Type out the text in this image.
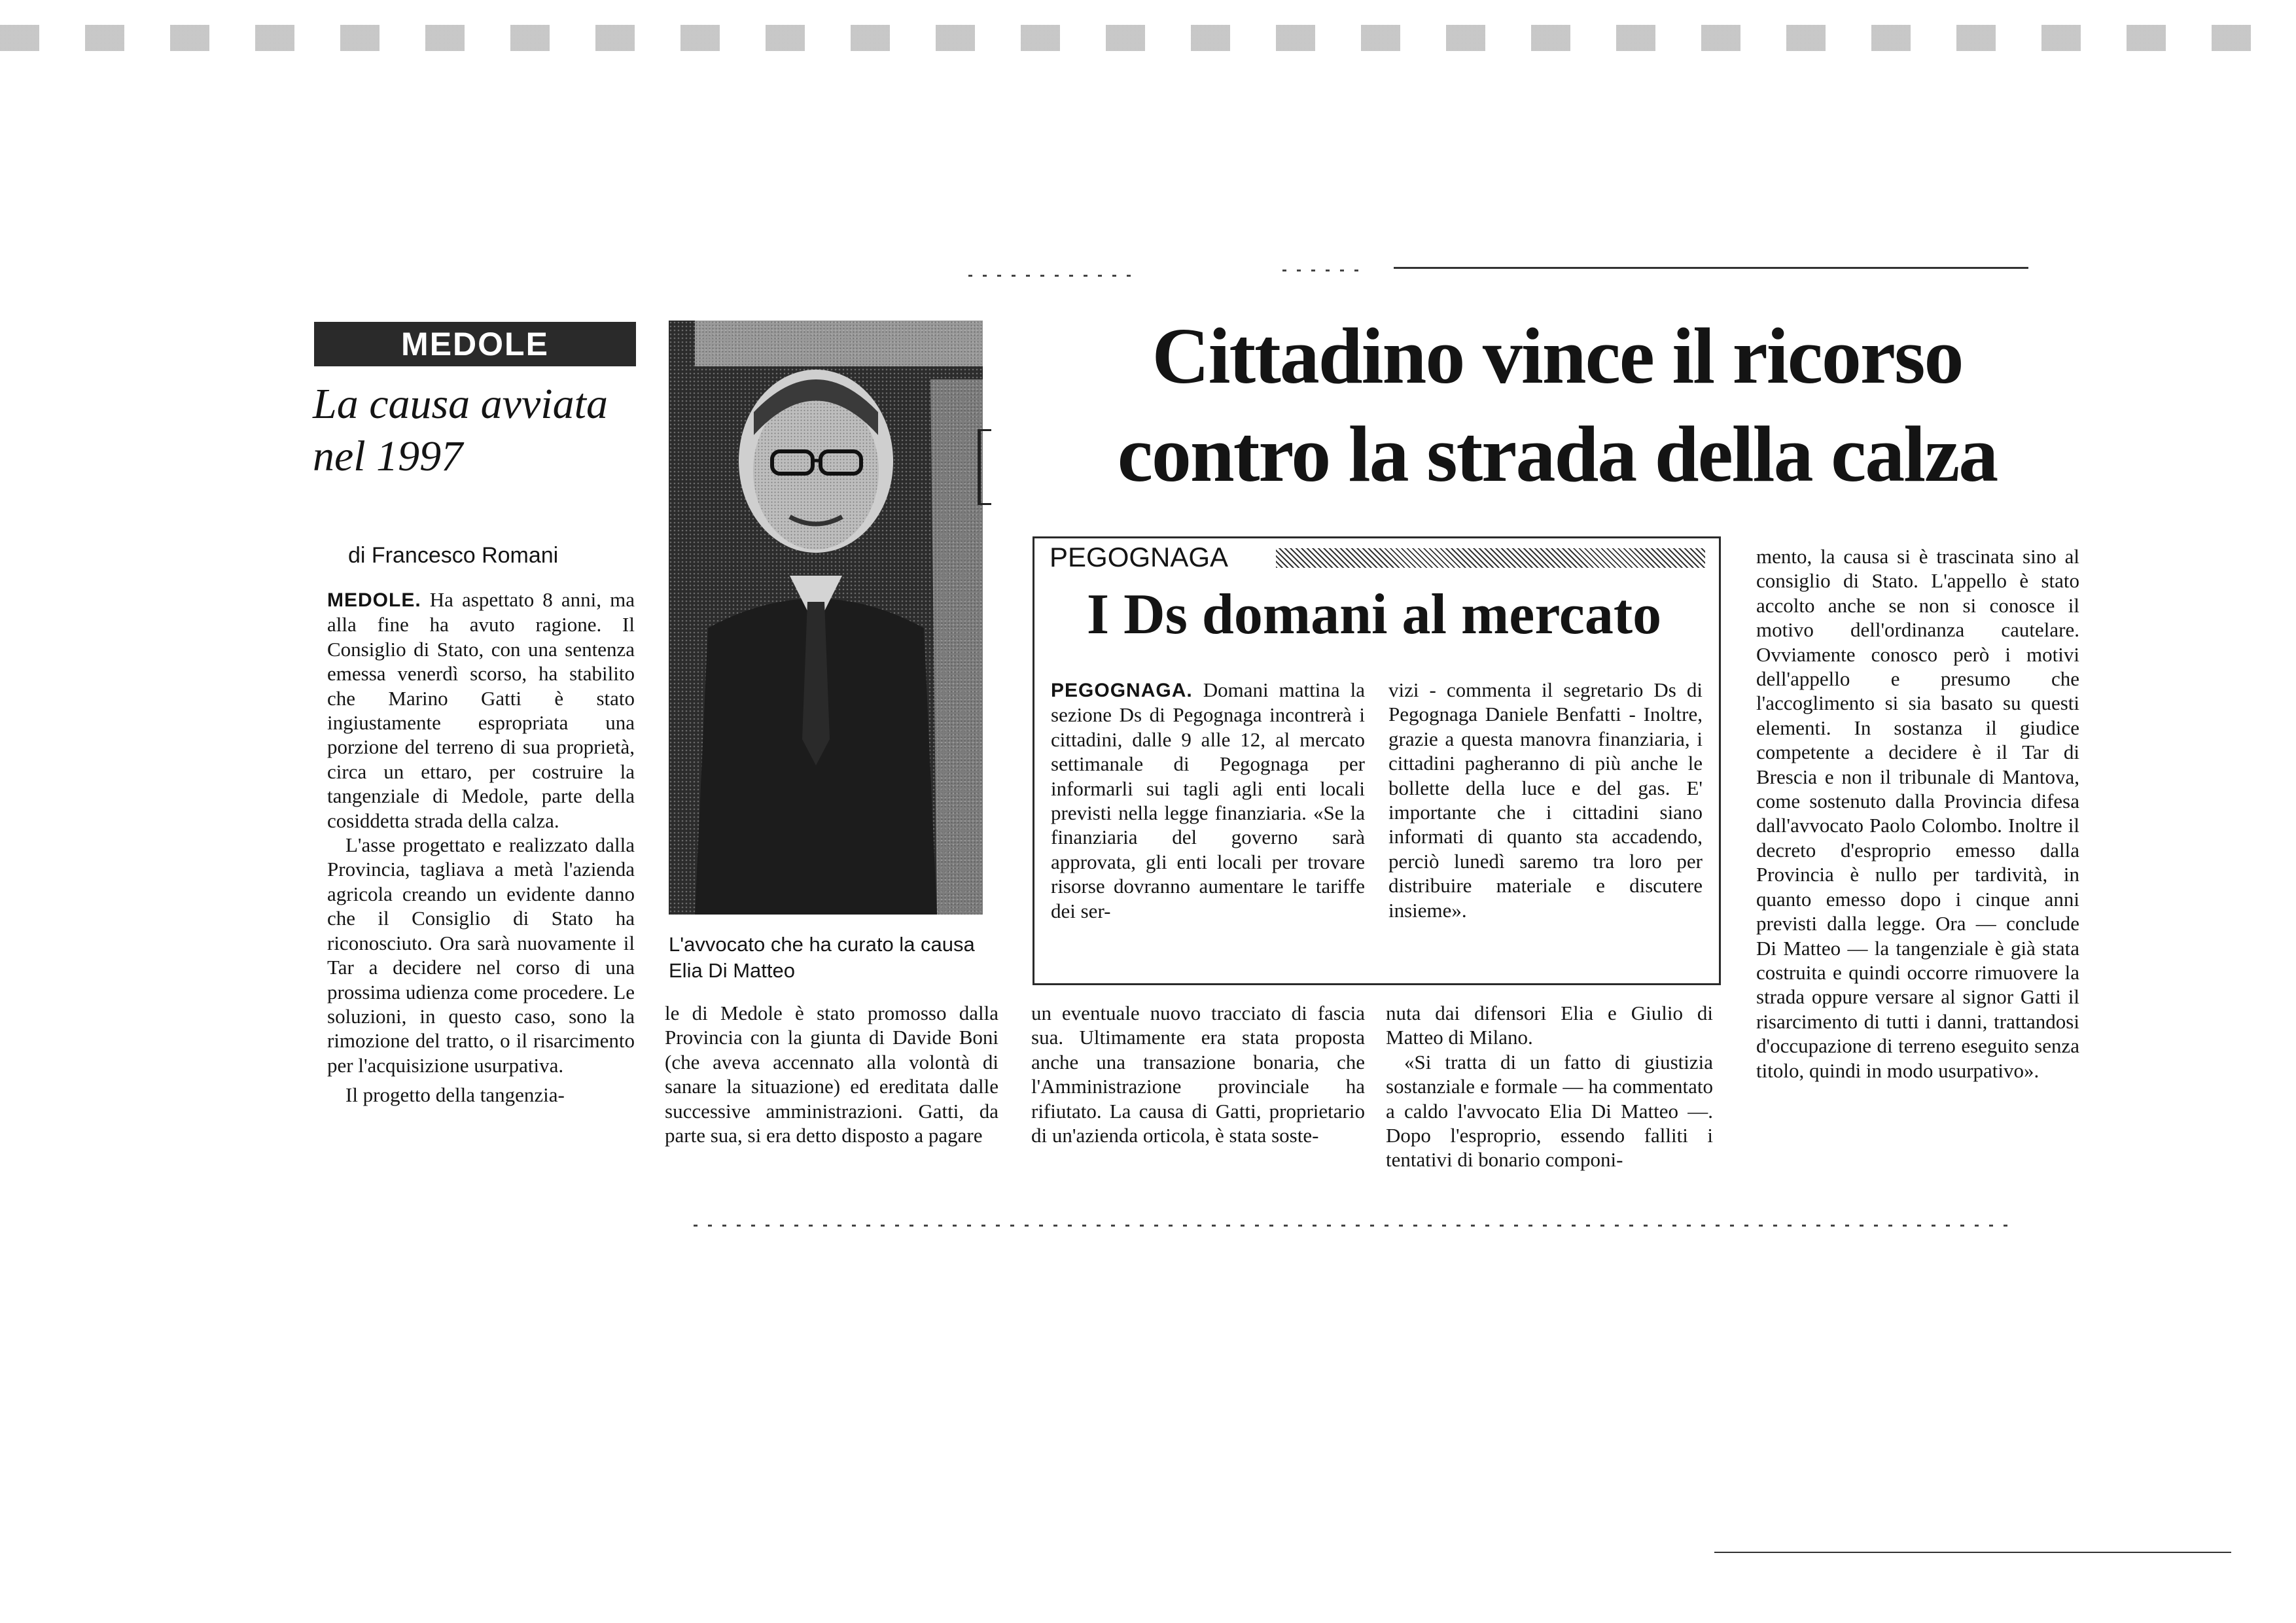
MEDOLE
La causa avviata nel 1997
di Francesco Romani

MEDOLE. Ha aspettato 8 anni, ma alla fine ha avuto ragione. Il Consiglio di Stato, con una sentenza emessa venerdì scorso, ha stabilito che Marino Gatti è stato ingiustamente espropriata una porzione del terreno di sua proprietà, circa un ettaro, per costruire la tangenziale di Medole, parte della cosiddetta strada della calza.

L'asse progettato e realizzato dalla Provincia, tagliava a metà l'azienda agricola creando un evidente danno che il Consiglio di Stato ha riconosciuto. Ora sarà nuovamente il Tar a decidere nel corso di una prossima udienza come procedere. Le soluzioni, in questo caso, sono la rimozione del tratto, o il risarcimento per l'acquisizione usurpativa.

Il progetto della tangenzia-

L'avvocato che ha curato la causa Elia Di Matteo
Cittadino vince il ricorso
contro la strada della calza
PEGOGNAGA
I Ds domani al mercato

PEGOGNAGA. Domani mattina la sezione Ds di Pegognaga incontrerà i cittadini, dalle 9 alle 12, al mercato settimanale di Pegognaga per informarli sui tagli agli enti locali previsti nella legge finanziaria. «Se la finanziaria del governo sarà approvata, gli enti locali per trovare risorse dovranno aumentare le tariffe dei ser-

vizi - commenta il segretario Ds di Pegognaga Daniele Benfatti - Inoltre, grazie a questa manovra finanziaria, i cittadini pagheranno di più anche le bollette della luce e del gas. E' importante che i cittadini siano informati di quanto sta accadendo, perciò lunedì saremo tra loro per distribuire materiale e discutere insieme».

le di Medole è stato promosso dalla Provincia con la giunta di Davide Boni (che aveva accennato alla volontà di sanare la situazione) ed ereditata dalle successive amministrazioni. Gatti, da parte sua, si era detto disposto a pagare

un eventuale nuovo tracciato di fascia sua. Ultimamente era stata proposta anche una transazione bonaria, che l'Amministrazione provinciale ha rifiutato. La causa di Gatti, proprietario di un'azienda orticola, è stata soste-

nuta dai difensori Elia e Giulio di Matteo di Milano.

«Si tratta di un fatto di giustizia sostanziale e formale — ha commentato a caldo l'avvocato Elia Di Matteo —. Dopo l'esproprio, essendo falliti i tentativi di bonario componi-

mento, la causa si è trascinata sino al consiglio di Stato. L'appello è stato accolto anche se non si conosce il motivo dell'ordinanza cautelare. Ovviamente conosco però i motivi dell'appello e presumo che l'accoglimento si sia basato su questi elementi. In sostanza il giudice competente a decidere è il Tar di Brescia e non il tribunale di Mantova, come sostenuto dalla Provincia difesa dall'avvocato Paolo Colombo. Inoltre il decreto d'esproprio emesso dalla Provincia è nullo per tardività, in quanto emesso dopo i cinque anni previsti dalla legge. Ora — conclude Di Matteo — la tangenziale è già stata costruita e quindi occorre rimuovere la strada oppure versare al signor Gatti il risarcimento di tutti i danni, trattandosi d'occupazione di terreno eseguito senza titolo, quindi in modo usurpativo».
